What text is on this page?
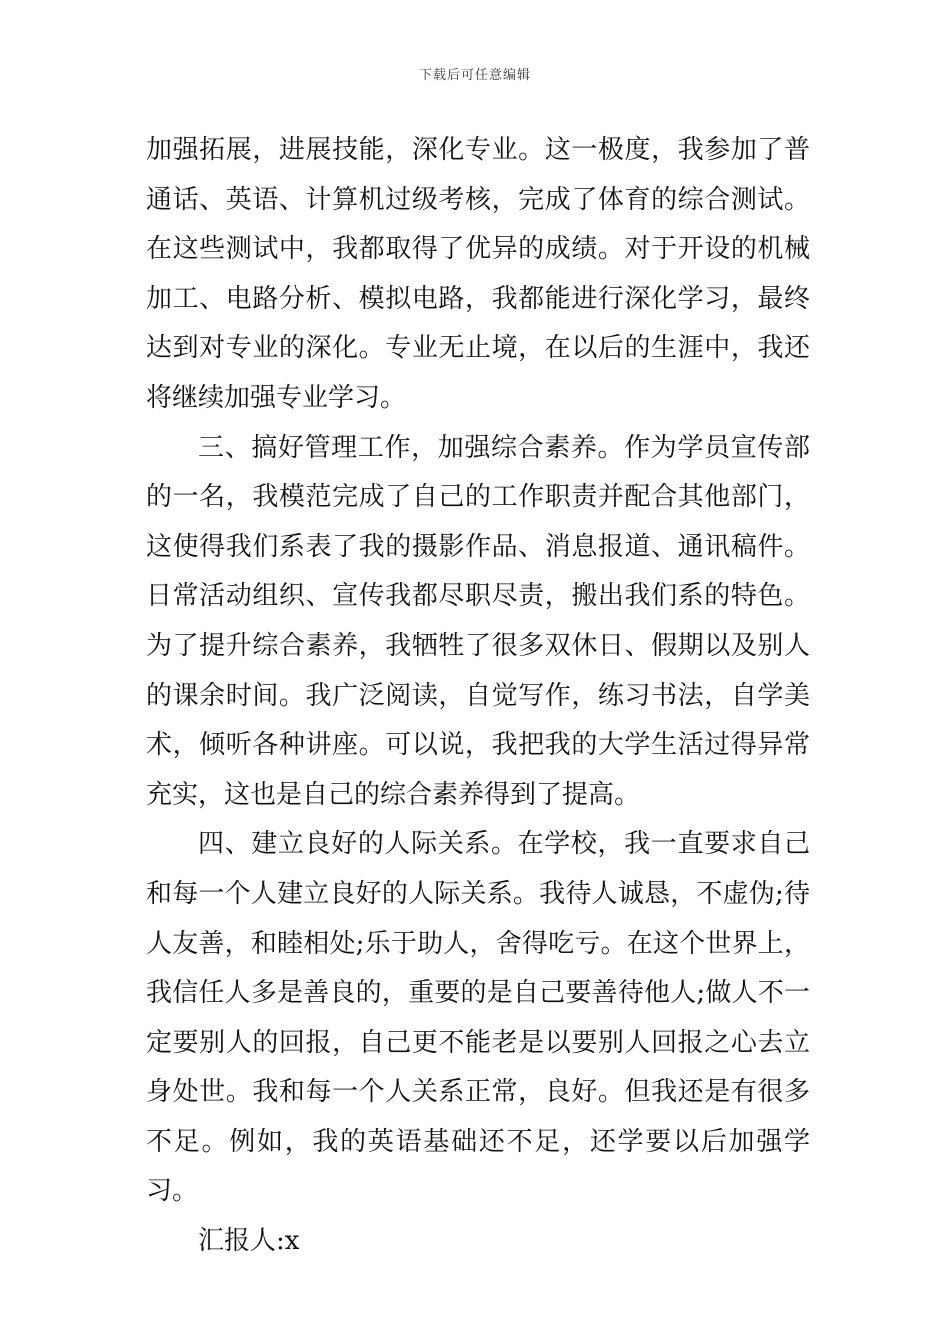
下载后可任意编辑

加强拓展，进展技能，深化专业。这一极度，我参加了普通话、英语、计算机过级考核，完成了体育的综合测试。在这些测试中，我都取得了优异的成绩。对于开设的机械加工、电路分析、模拟电路，我都能进行深化学习，最终达到对专业的深化。专业无止境，在以后的生涯中，我还将继续加强专业学习。

三、搞好管理工作，加强综合素养。作为学员宣传部的一名，我模范完成了自己的工作职责并配合其他部门，这使得我们系表了我的摄影作品、消息报道、通讯稿件。日常活动组织、宣传我都尽职尽责，搬出我们系的特色。为了提升综合素养，我牺牲了很多双休日、假期以及别人的课余时间。我广泛阅读，自觉写作，练习书法，自学美术，倾听各种讲座。可以说，我把我的大学生活过得异常充实，这也是自己的综合素养得到了提高。

四、建立良好的人际关系。在学校，我一直要求自己和每一个人建立良好的人际关系。我待人诚恳，不虚伪;待人友善，和睦相处;乐于助人，舍得吃亏。在这个世界上，我信任人多是善良的，重要的是自己要善待他人;做人不一定要别人的回报，自己更不能老是以要别人回报之心去立身处世。我和每一个人关系正常，良好。但我还是有很多不足。例如，我的英语基础还不足，还学要以后加强学习。

汇报人:x
